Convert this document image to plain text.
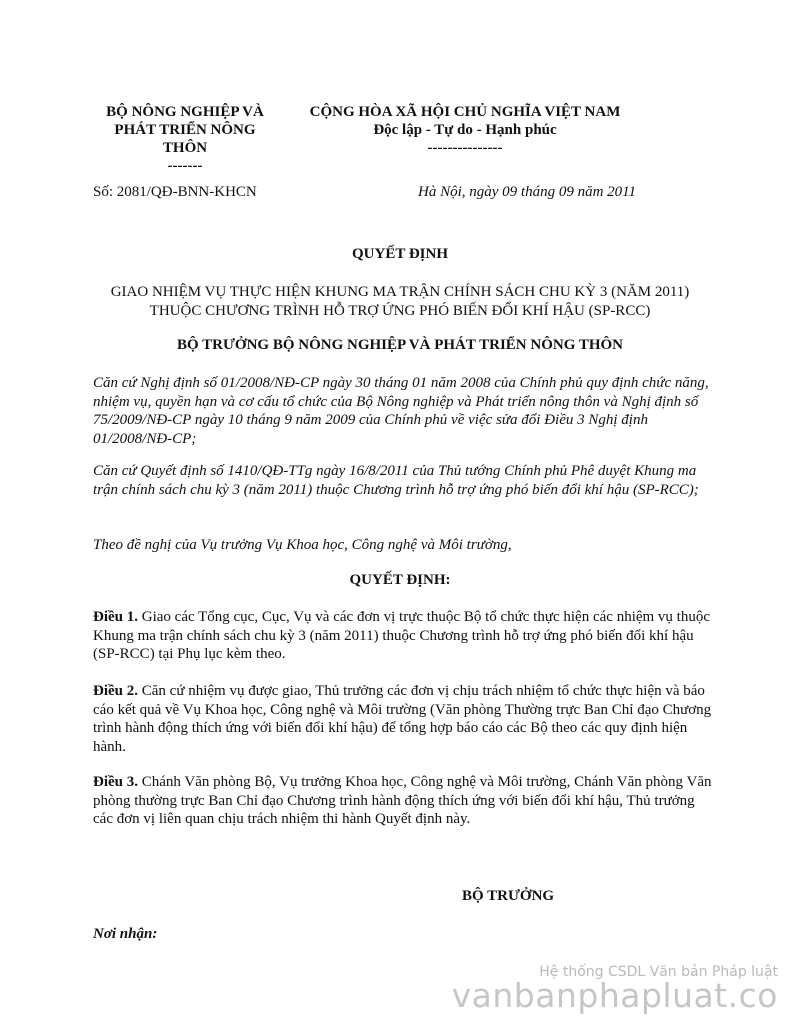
BỘ NÔNG NGHIỆP VÀ
PHÁT TRIỂN NÔNG
THÔN
-------
CỘNG HÒA XÃ HỘI CHỦ NGHĨA VIỆT NAM
Độc lập - Tự do - Hạnh phúc
---------------
Số: 2081/QĐ-BNN-KHCN	Hà Nội, ngày 09 tháng 09 năm 2011
QUYẾT ĐỊNH
GIAO NHIỆM VỤ THỰC HIỆN KHUNG MA TRẬN CHÍNH SÁCH CHU KỲ 3 (NĂM 2011)
THUỘC CHƯƠNG TRÌNH HỖ TRỢ ỨNG PHÓ BIẾN ĐỔI KHÍ HẬU (SP-RCC)
BỘ TRƯỞNG BỘ NÔNG NGHIỆP VÀ PHÁT TRIỂN NÔNG THÔN
Căn cứ Nghị định số 01/2008/NĐ-CP ngày 30 tháng 01 năm 2008 của Chính phủ quy định chức năng, nhiệm vụ, quyền hạn và cơ cấu tổ chức của Bộ Nông nghiệp và Phát triển nông thôn và Nghị định số 75/2009/NĐ-CP ngày 10 tháng 9 năm 2009 của Chính phủ về việc sửa đổi Điều 3 Nghị định 01/2008/NĐ-CP;
Căn cứ Quyết định số 1410/QĐ-TTg ngày 16/8/2011 của Thủ tướng Chính phủ Phê duyệt Khung ma trận chính sách chu kỳ 3 (năm 2011) thuộc Chương trình hỗ trợ ứng phó biến đổi khí hậu (SP-RCC);
Theo đề nghị của Vụ trưởng Vụ Khoa học, Công nghệ và Môi trường,
QUYẾT ĐỊNH:
Điều 1. Giao các Tổng cục, Cục, Vụ và các đơn vị trực thuộc Bộ tổ chức thực hiện các nhiệm vụ thuộc Khung ma trận chính sách chu kỳ 3 (năm 2011) thuộc Chương trình hỗ trợ ứng phó biến đổi khí hậu (SP-RCC) tại Phụ lục kèm theo.
Điều 2. Căn cứ nhiệm vụ được giao, Thủ trưởng các đơn vị chịu trách nhiệm tổ chức thực hiện và báo cáo kết quả về Vụ Khoa học, Công nghệ và Môi trường (Văn phòng Thường trực Ban Chỉ đạo Chương trình hành động thích ứng với biến đổi khí hậu) để tổng hợp báo cáo các Bộ theo các quy định hiện hành.
Điều 3. Chánh Văn phòng Bộ, Vụ trưởng Khoa học, Công nghệ và Môi trường, Chánh Văn phòng Văn phòng thường trực Ban Chỉ đạo Chương trình hành động thích ứng với biến đổi khí hậu, Thủ trưởng các đơn vị liên quan chịu trách nhiệm thi hành Quyết định này.
BỘ TRƯỞNG
Nơi nhận:
Hệ thống CSDL Văn bản Pháp luật
vanbanphapluat.co
